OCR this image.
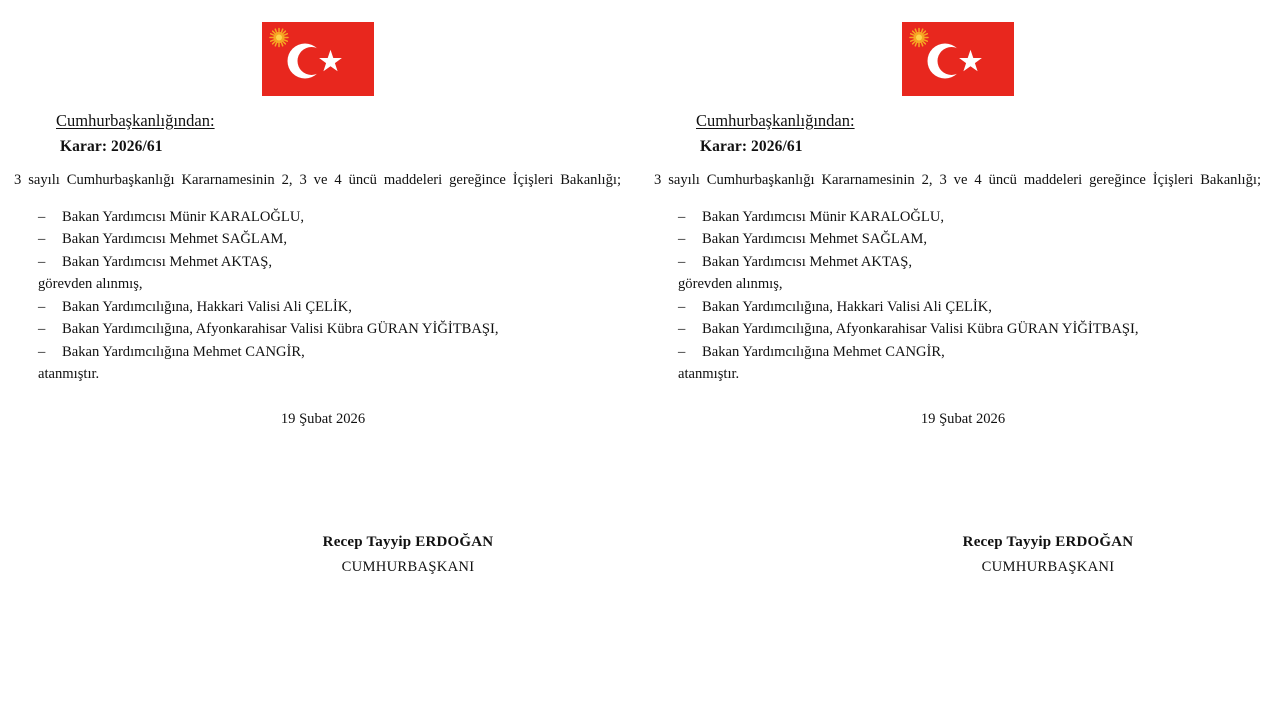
Cumhurbaşkanlığından:
Karar: 2026/61

3 sayılı Cumhurbaşkanlığı Kararnamesinin 2, 3 ve 4 üncü maddeleri gereğince İçişleri Bakanlığı;

– Bakan Yardımcısı Münir KARALOĞLU,
– Bakan Yardımcısı Mehmet SAĞLAM,
– Bakan Yardımcısı Mehmet AKTAŞ,
görevden alınmış,
– Bakan Yardımcılığına, Hakkari Valisi Ali ÇELİK,
– Bakan Yardımcılığına, Afyonkarahisar Valisi Kübra GÜRAN YİĞİTBAŞI,
– Bakan Yardımcılığına Mehmet CANGİR,
atanmıştır.
19 Şubat 2026
Recep Tayyip ERDOĞAN
CUMHURBAŞKANI
Cumhurbaşkanlığından:
Karar: 2026/61

3 sayılı Cumhurbaşkanlığı Kararnamesinin 2, 3 ve 4 üncü maddeleri gereğince İçişleri Bakanlığı;

– Bakan Yardımcısı Münir KARALOĞLU,
– Bakan Yardımcısı Mehmet SAĞLAM,
– Bakan Yardımcısı Mehmet AKTAŞ,
görevden alınmış,
– Bakan Yardımcılığına, Hakkari Valisi Ali ÇELİK,
– Bakan Yardımcılığına, Afyonkarahisar Valisi Kübra GÜRAN YİĞİTBAŞI,
– Bakan Yardımcılığına Mehmet CANGİR,
atanmıştır.
19 Şubat 2026
Recep Tayyip ERDOĞAN
CUMHURBAŞKANI
